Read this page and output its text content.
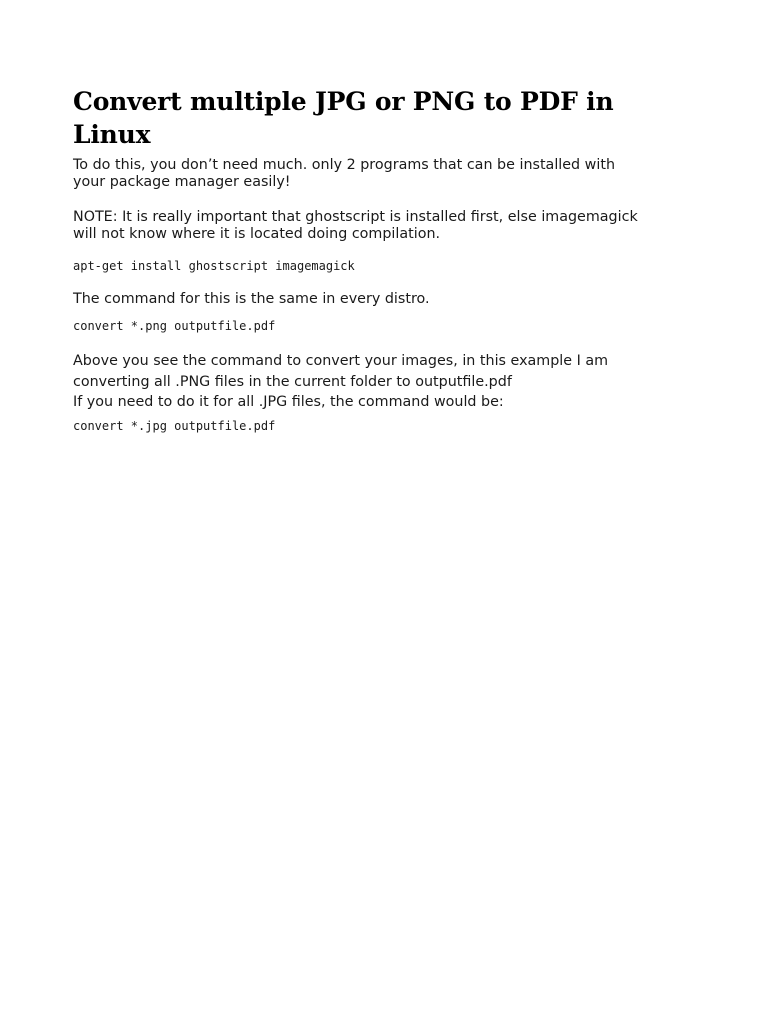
Convert multiple JPG or PNG to PDF in Linux

To do this, you don’t need much. only 2 programs that can be installed with
your package manager easily!

NOTE: It is really important that ghostscript is installed first, else imagemagick
will not know where it is located doing compilation.

apt-get install ghostscript imagemagick

The command for this is the same in every distro.

convert *.png outputfile.pdf

Above you see the command to convert your images, in this example I am
converting all .PNG files in the current folder to outputfile.pdf
If you need to do it for all .JPG files, the command would be:

convert *.jpg outputfile.pdf
